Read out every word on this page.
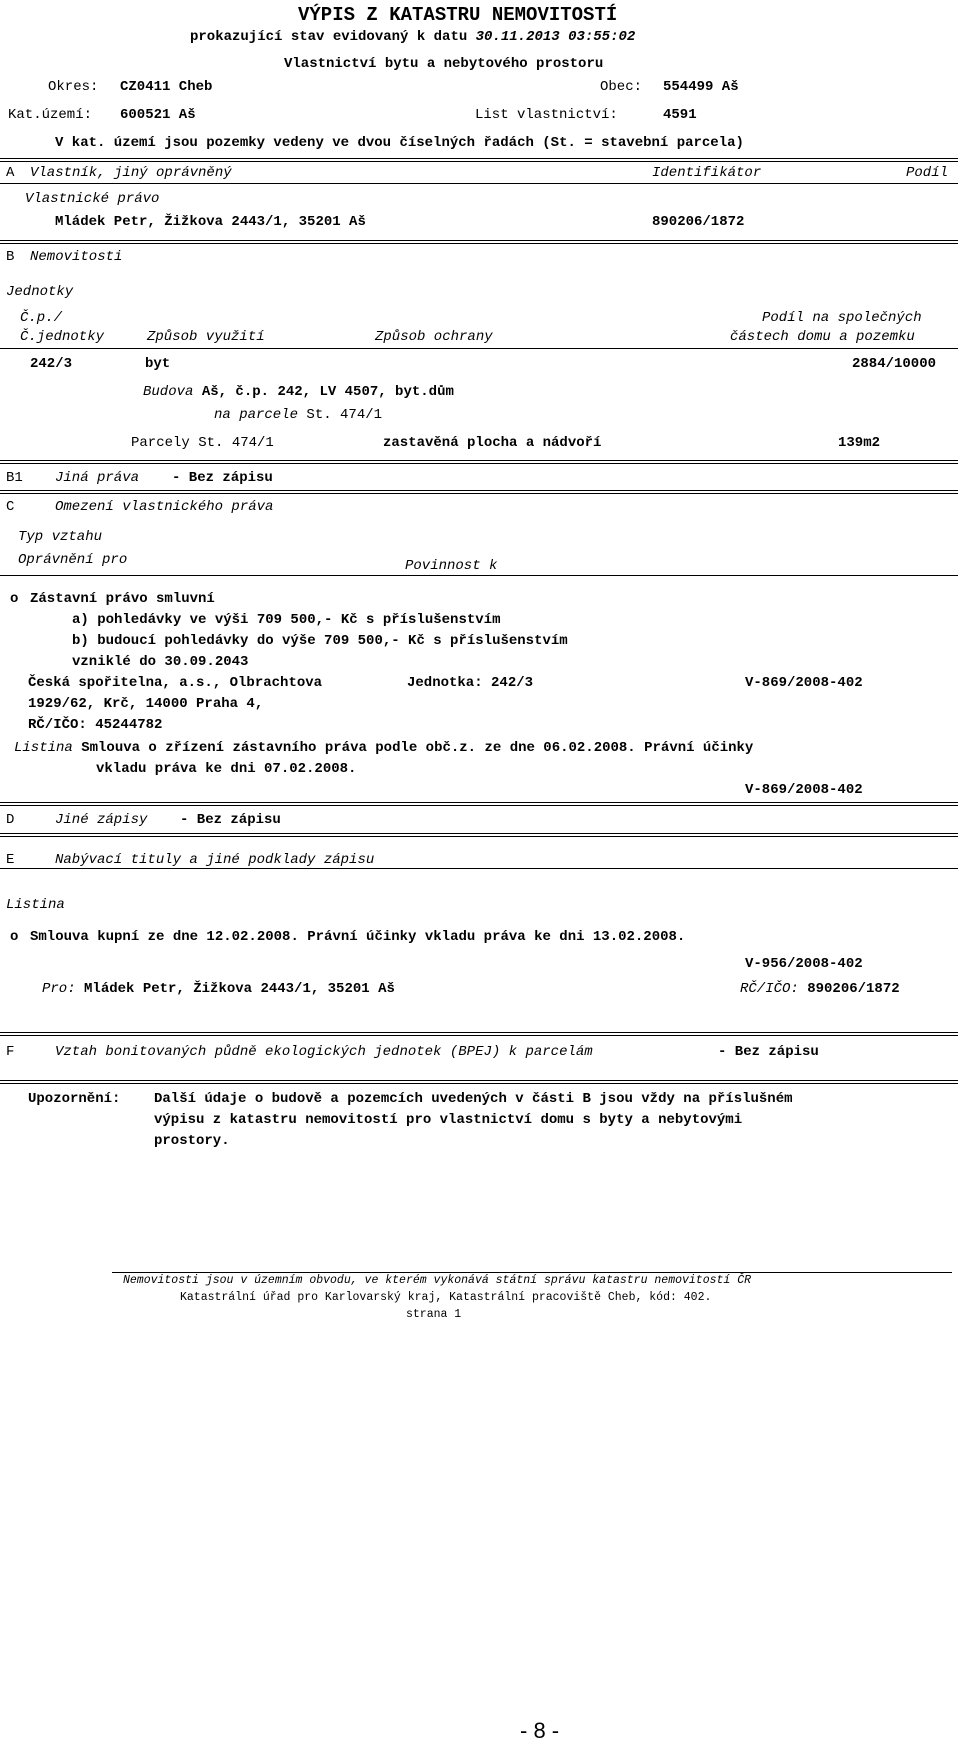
VÝPIS Z KATASTRU NEMOVITOSTÍ
prokazující stav evidovaný k datu 30.11.2013 03:55:02
Vlastnictví bytu a nebytového prostoru
Okres: CZ0411 Cheb	Obec: 554499 Aš
Kat.území: 600521 Aš	List vlastnictví:	4591
V kat. území jsou pozemky vedeny ve dvou číselných řadách (St. = stavební parcela)
A Vlastník, jiný oprávněný	Identifikátor	Podíl
Vlastnické právo
Mládek Petr, Žižkova 2443/1, 35201 Aš	890206/1872
B Nemovitosti
Jednotky
Č.p./	Podíl na společných
Č.jednotky	Způsob využití	Způsob ochrany	částech domu a pozemku
242/3	byt	2884/10000
Budova Aš, č.p. 242, LV 4507, byt.dům
na parcele St. 474/1
Parcely St. 474/1	zastavěná plocha a nádvoří	139m2
B1 Jiná práva - Bez zápisu
C	Omezení vlastnického práva
Typ vztahu
Oprávnění pro	Povinnost k
o Zástavní právo smluvní
a) pohledávky ve výši 709 500,- Kč s příslušenstvím
b) budoucí pohledávky do výše 709 500,- Kč s příslušenstvím
vzniklé do 30.09.2043
Česká spořitelna, a.s., Olbrachtova	Jednotka: 242/3	V-869/2008-402
1929/62, Krč, 14000 Praha 4,
RČ/IČO: 45244782
Listina Smlouva o zřízení zástavního práva podle obč.z. ze dne 06.02.2008. Právní účinky
vkladu práva ke dni 07.02.2008.
V-869/2008-402
D	Jiné zápisy - Bez zápisu
E	Nabývací tituly a jiné podklady zápisu
Listina
o Smlouva kupní ze dne 12.02.2008. Právní účinky vkladu práva ke dni 13.02.2008.
V-956/2008-402
Pro: Mládek Petr, Žižkova 2443/1, 35201 Aš	RČ/IČO: 890206/1872
F	Vztah bonitovaných půdně ekologických jednotek (BPEJ) k parcelám	- Bez zápisu
Upozornění: Další údaje o budově a pozemcích uvedených v části B jsou vždy na příslušném
výpisu z katastru nemovitostí pro vlastnictví domu s byty a nebytovými
prostory.
Nemovitosti jsou v územním obvodu, ve kterém vykonává státní správu katastru nemovitostí ČR
Katastrální úřad pro Karlovarský kraj, Katastrální pracoviště Cheb, kód: 402.
strana 1
- 8 -
